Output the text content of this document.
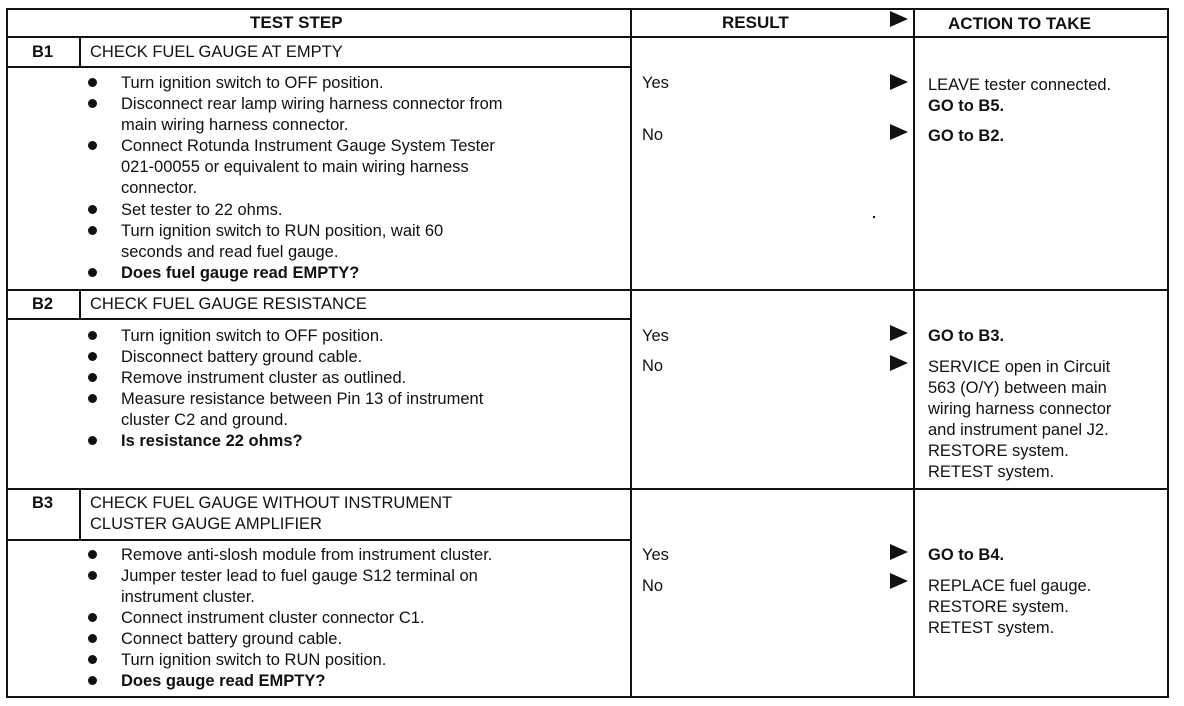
TEST STEP	RESULT	ACTION TO TAKE
B1 CHECK FUEL GAUGE AT EMPTY
Turn ignition switch to OFF position.
Disconnect rear lamp wiring harness connector from
main wiring harness connector.
Connect Rotunda Instrument Gauge System Tester
021-00055 or equivalent to main wiring harness
connector.
Set tester to 22 ohms.
Turn ignition switch to RUN position, wait 60
seconds and read fuel gauge.
Does fuel gauge read EMPTY?
Yes	LEAVE tester connected.
GO to B5.
No	GO to B2.
B2 CHECK FUEL GAUGE RESISTANCE
Turn ignition switch to OFF position.
Disconnect battery ground cable.
Remove instrument cluster as outlined.
Measure resistance between Pin 13 of instrument
cluster C2 and ground.
Is resistance 22 ohms?
Yes	GO to B3.
No	SERVICE open in Circuit
563 (O/Y) between main
wiring harness connector
and instrument panel J2.
RESTORE system.
RETEST system.
B3 CHECK FUEL GAUGE WITHOUT INSTRUMENT
CLUSTER GAUGE AMPLIFIER
Remove anti-slosh module from instrument cluster.
Jumper tester lead to fuel gauge S12 terminal on
instrument cluster.
Connect instrument cluster connector C1.
Connect battery ground cable.
Turn ignition switch to RUN position.
Does gauge read EMPTY?
Yes	GO to B4.
No	REPLACE fuel gauge.
RESTORE system.
RETEST system.
